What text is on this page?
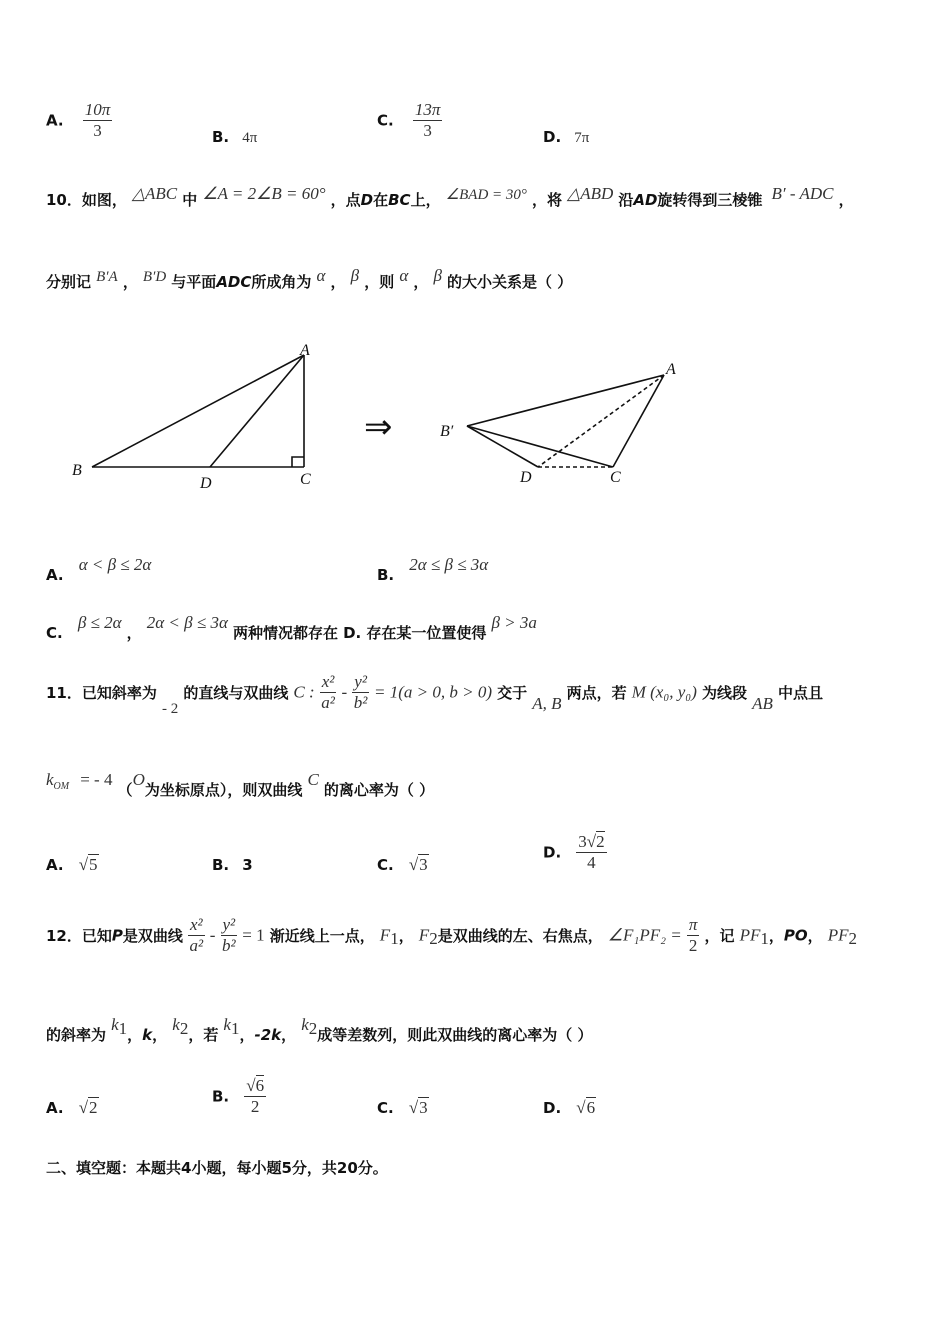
A. $\frac{10\pi}{3}$	B. 4π
C. $\frac{13\pi}{3}$	D. 7π
10．如图， △ABC 中 ∠A = 2∠B = 60° ，点D在BC上， ∠BAD = 30° ，将 △ABD 沿AD旋转得到三棱锥 B′ - ADC ，
分别记 B′A ， B′D 与平面ADC所成角为 α ， β ，则 α ， β 的大小关系是（ ）
A
B
D	C
⇒
A
B′
D	C
A. α < β ≤ 2α
B. 2α ≤ β ≤ 3α
C. β ≤ 2α ， 2α < β ≤ 3α 两种情况都存在 D. 存在某一位置使得 β > 3a
11．已知斜率为 - 2 的直线与双曲线 C : $\frac{\text{x²}}{\text{a²}} - \frac{\text{y²}}{\text{b²}} = 1(a > 0$, b > 0) 交于 A, B 两点，若 M (x₀, y₀) 为线段 AB 中点且
$k_{OM}$ = - 4 （O为坐标原点），则双曲线 C 的离心率为（ ）
A. √5	B. 3	C. √3
D. $\frac{3√2}{4}$
12．已知P是双曲线 $\frac{\text{x²}}{\text{a²}} - \frac{\text{y²}}{\text{b²}} = 1$ 渐近线上一点， $F_1$， $F_2$是双曲线的左、右焦点， ∠F₁PF₂ = $\frac{\pi}{2}$ ，记 $PF_1$，PO， $PF_2$
的斜率为 $k_1$，k， $k_2$，若 $k_1$，-2k， $k_2$成等差数列，则此双曲线的离心率为（ ）
A. √2
B. $\frac{√6}{2}$	C. √3	D. √6
二、填空题：本题共4小题，每小题5分，共20分。
